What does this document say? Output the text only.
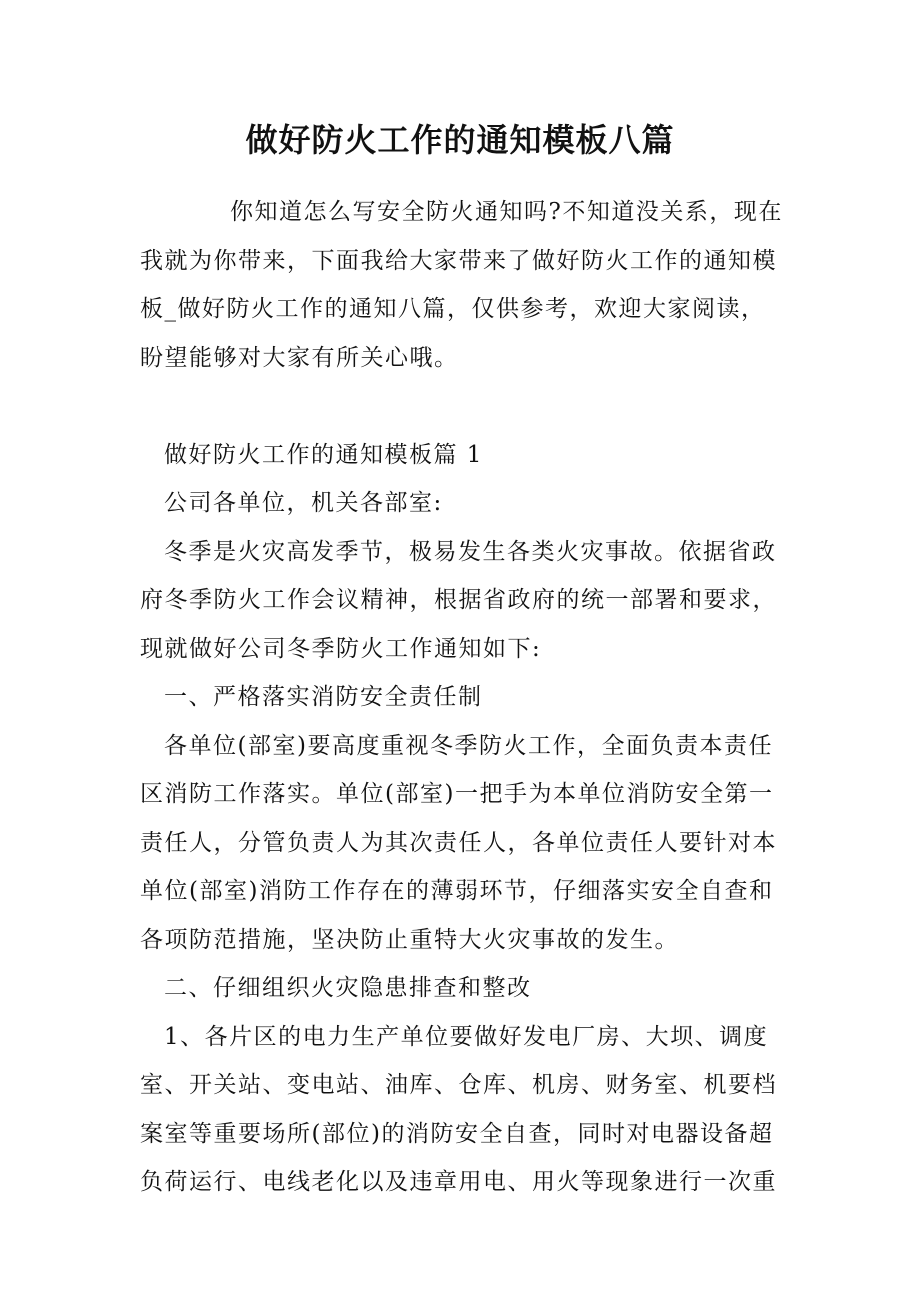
做好防火工作的通知模板八篇

你知道怎么写安全防火通知吗?不知道没关系，现在
我就为你带来，下面我给大家带来了做好防火工作的通知模
板_做好防火工作的通知八篇，仅供参考，欢迎大家阅读，
盼望能够对大家有所关心哦。

做好防火工作的通知模板篇 1

公司各单位，机关各部室:

冬季是火灾高发季节，极易发生各类火灾事故。依据省政
府冬季防火工作会议精神，根据省政府的统一部署和要求，
现就做好公司冬季防火工作通知如下:

一、严格落实消防安全责任制

各单位(部室)要高度重视冬季防火工作，全面负责本责任
区消防工作落实。单位(部室)一把手为本单位消防安全第一
责任人，分管负责人为其次责任人，各单位责任人要针对本
单位(部室)消防工作存在的薄弱环节，仔细落实安全自查和
各项防范措施，坚决防止重特大火灾事故的发生。

二、仔细组织火灾隐患排查和整改

1、各片区的电力生产单位要做好发电厂房、大坝、调度
室、开关站、变电站、油库、仓库、机房、财务室、机要档
案室等重要场所(部位)的消防安全自查，同时对电器设备超
负荷运行、电线老化以及违章用电、用火等现象进行一次重
